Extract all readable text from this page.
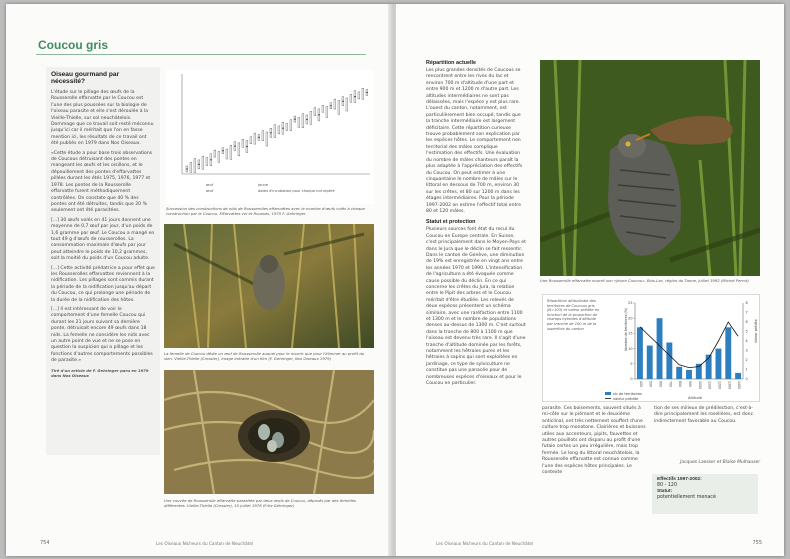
Coucou gris
Oiseau gourmand par nécessité?
L'étude sur le pillage des œufs de la Rousserolle effarvatte par le Coucou est l'une des plus poussées sur la biologie de l'oiseau parasite et elle s'est déroulée à la Vieille-Thielle, sur sol neuchâtelois. Dommage que ce travail soit resté méconnu jusqu'ici car il méritait que l'on en fasse mention ici, les résultats de ce travail ont été publiés en 1979 dans Nos Oiseaux.
«Cette étude a pour base trois observations de Coucous détruisant des pontes en mangeant les œufs et les oisillons, et le dépouillement des pontes d'effarvattes pillées durant les étés 1975, 1976, 1977 et 1978. Les pontes de la Rousserolle effarvatte furent méthodiquement contrôlées. On constate que 40 % des pontes ont été détruites, tandis que 20 % seulement ont été parasitées.
[...] 30 œufs volés en 41 jours donnent une moyenne de 0,7 œuf par jour, d'un poids de 1,6 gramme par œuf. Le Coucou a mangé en tout 49 g d'œufs de rousserolles. La consommation maximale d'œufs par jour peut atteindre le poids de 10,2 grammes, soit la moitié du poids d'un Coucou adulte.
[...] Cette activité prédatrice a pour effet que les Rousserolles effarvattes reviennent à la nidification. Les pillages sont commis durant la période de la nidification jusqu'au départ du Coucou, ce qui prolonge une période de la durée de la nidification des hôtes.
[...] Il est intéressant de voir le comportement d'une femelle Coucou qui durant les 21 jours suivant sa dernière ponte, détruisait encore 49 œufs dans 18 nids. La femelle ne considère les nids avec un autre point de vue et ne se pose en question la suspicion qui a pillage et les fonctions d'autres comportements possibles de parasite.»
Tiré d'un article de F. Gehringer paru en 1979 dans Nos Oiseaux
œuf
œuf
jeune
dates d'incubation pour chaque nid repéré
Succession des constructions de nids de Rousserolles effarvattes avec le nombre d'œufs volés à chaque construction par le Coucou. Effarvattes vol et Rousses, 1975 F. Gehringer
La femelle de Coucou dédie un œuf de Rousserolle auquel pour le nourrir que pour l'éliminer au profit du sien. Vieille-Thielle (Cressier), image extraite d'un film (F. Gehringer, Nos Oiseaux 1979)
Une couvée de Rousserolle effarvatte parasitée par deux œufs de Coucou, déposés par des femelles différentes. Vieille-Thielle (Cressier), 10 juillet 1976 (Fritz Gehringer)
754	Les Oiseaux Nicheurs du Canton de Neuchâtel
Répartition actuelle
Les plus grandes densités de Coucous se rencontrent entre les rives du lac et environ 700 m d'altitude d'une part et entre 900 m et 1200 m d'autre part. Les altitudes intermédiaires ne sont pas délaissées, mais l'espèce y est plus rare. L'ouest du canton, notamment, est particulièrement bien occupé, tandis que la tranche intermédiaire est largement déficitaire. Cette répartition curieuse trouve probablement son explication par les espèces hôtes. Le comportement non territorial des mâles complique l'estimation des effectifs. Une évaluation du nombre de mâles chanteurs paraît la plus adaptée à l'appréciation des effectifs du Coucou. On peut estimer à une cinquantaine le nombre de mâles sur le littoral en dessous de 700 m, environ 30 sur les crêtes, et 80 sur 1200 m dans les étages intermédiaires. Pour la période 1997-2002 on estime l'effectif total entre 80 et 120 mâles.
Statut et protection
Plusieurs sources font état du recul du Coucou en Europe centrale. En Suisse, c'est principalement dans le Moyen-Pays et dans le Jura que le déclin se fait ressentir. Dans le canton de Genève, une diminution de 19% est enregistrée en vingt ans entre les années 1970 et 1990. L'intensification de l'agriculture a été évoquée comme cause possible du déclin. En ce qui concerne les crêtes du Jura, la relation entre le Pipit des arbres et le Coucou méritait d'être étudiée. Les relevés de deux espèces présentent un schéma similaire, avec une raréfaction entre 1100 et 1300 m et le nombre de populations denses au-dessus de 1300 m. C'est surtout dans la tranche de 800 à 1100 m que l'oiseau est devenu très rare. Il s'agit d'une tranche d'altitude dominée par les forêts, notamment les hêtraies pures et les hêtraies à sapins qui sont exploitées en jardinage, ce type de sylviculture ne constitue pas une panacée pour de nombreuses espèces d'oiseaux et pour le Coucou en particulier.
Une Rousserolle effarvatte nourrit son «jeune Coucou». Bois-Lac, région du Tanne, juillet 1992 (Michel Perrot)
Répartition altitudinale des territoires de Coucous gris (N=103) et valeur prédite en fonction de la proportion de champs hybrides d'altitude par tranche de 100 m de la superficie du canton
0
5
10
15
20
25
0
1
2
3
4
5
6
7
8
400 500 600 700 800 900 1000 1100 1200 1300 1400
nb de territoires
valeur prédite	Altitude
Nombre de territoires (%)	Valeur prédite
parasite. Ces boisements, souvent situés à mi-côte sur le piémont et le deuxième anticlinal, ont très nettement souffert d'une culture trop monotone. Clairières et buissons utiles aux accenteurs, pipits, fauvettes et autres pouillots ont disparu au profit d'une futaie certes un peu irrégulière, mais trop fermée. Le long du littoral neuchâtelois, la Rousserolle effarvatte est connue comme l'une des espèces hôtes principales. Le contexte
tion de ses milieux de prédilection, c'est-à-dire principalement les roselières, est donc indirectement favorable au Coucou.
Jacques Laesser et Blaise Mulhauser
Effectifs 1997-2002:
80 - 120
Statut:
potentiellement menacé
Les Oiseaux Nicheurs du Canton de Neuchâtel	755
